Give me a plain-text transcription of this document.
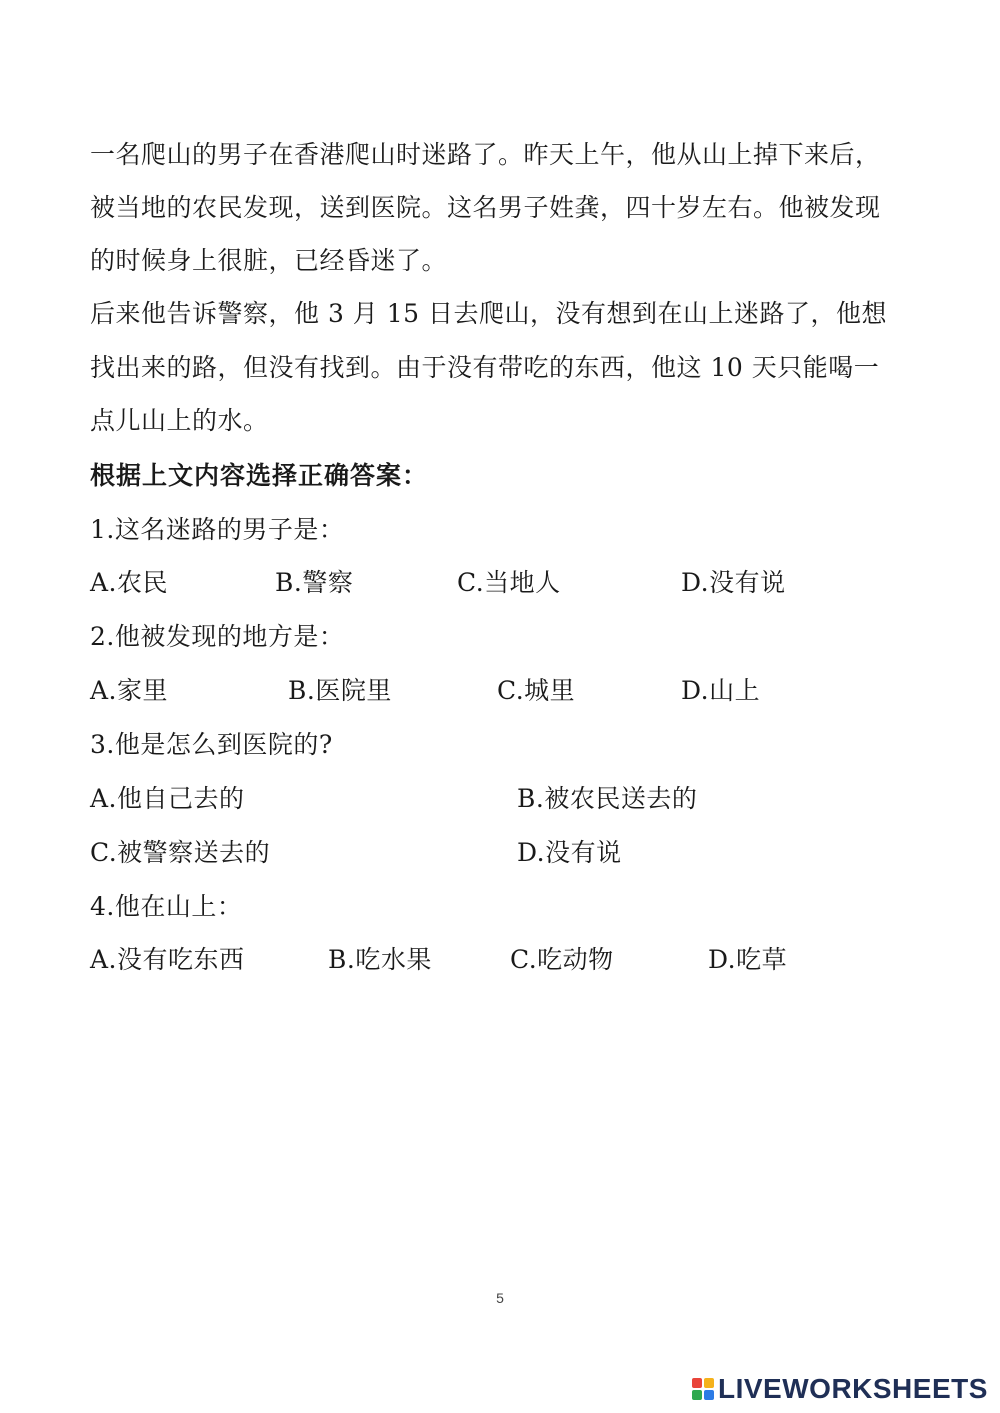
一名爬山的男子在香港爬山时迷路了。昨天上午，他从山上掉下来后，
被当地的农民发现，送到医院。这名男子姓龚，四十岁左右。他被发现
的时候身上很脏，已经昏迷了。
后来他告诉警察，他 3 月 15 日去爬山，没有想到在山上迷路了，他想
找出来的路，但没有找到。由于没有带吃的东西，他这 10 天只能喝一
点儿山上的水。
根据上文内容选择正确答案：
1.这名迷路的男子是：
A.农民	B.警察	C.当地人	D.没有说
2.他被发现的地方是：
A.家里	B.医院里	C.城里	D.山上
3.他是怎么到医院的?
A.他自己去的	B.被农民送去的
C.被警察送去的	D.没有说
4.他在山上：
A.没有吃东西	B.吃水果	C.吃动物	D.吃草
5
LIVEWORKSHEETS
